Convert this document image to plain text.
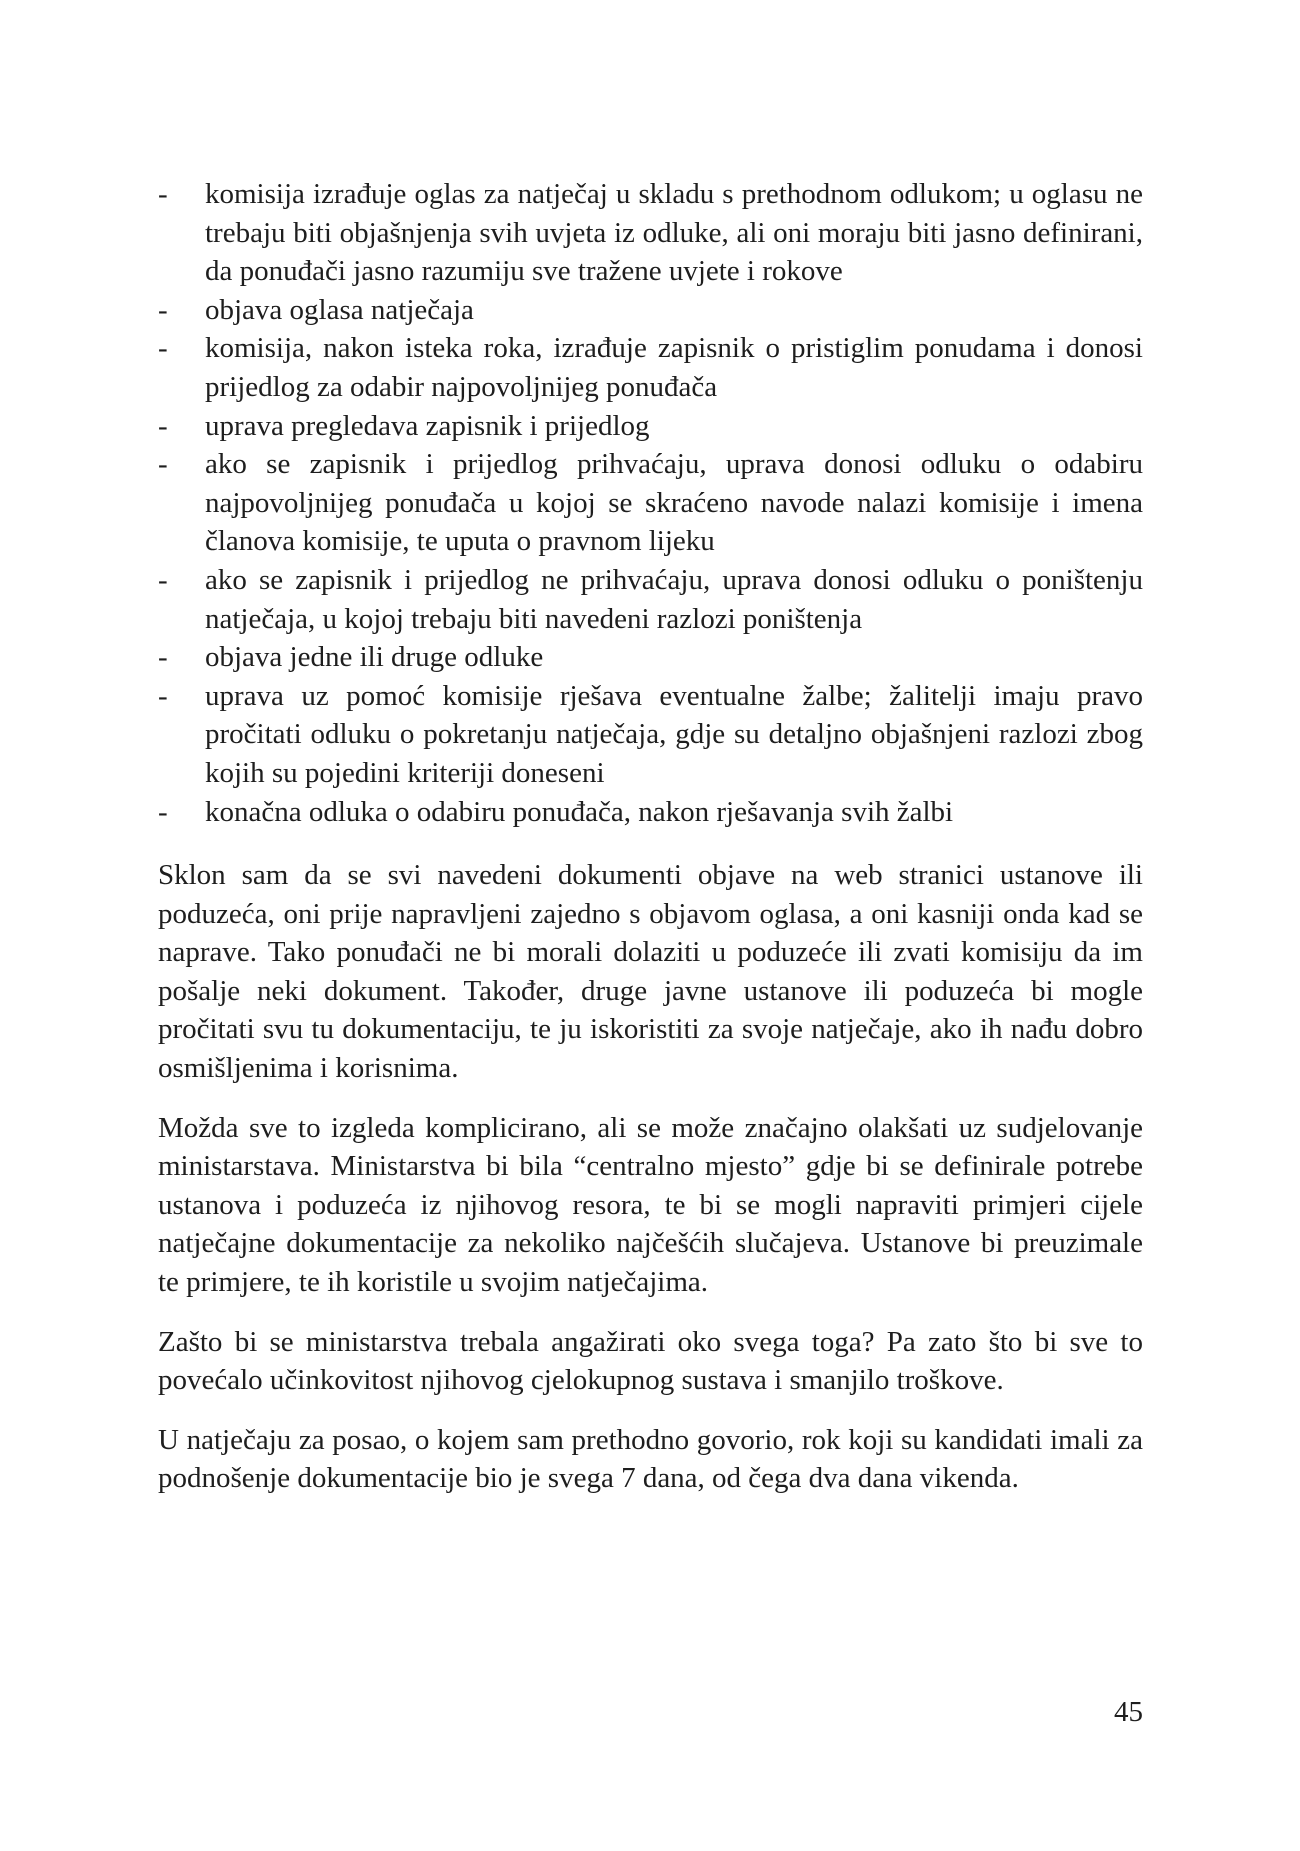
- komisija izrađuje oglas za natječaj u skladu s prethodnom odlukom; u oglasu ne trebaju biti objašnjenja svih uvjeta iz odluke, ali oni moraju biti jasno definirani, da ponuđači jasno razumiju sve tražene uvjete i rokove
- objava oglasa natječaja
- komisija, nakon isteka roka, izrađuje zapisnik o pristiglim ponudama i donosi prijedlog za odabir najpovoljnijeg ponuđača
- uprava pregledava zapisnik i prijedlog
- ako se zapisnik i prijedlog prihvaćaju, uprava donosi odluku o odabiru najpovoljnijeg ponuđača u kojoj se skraćeno navode nalazi komisije i imena članova komisije, te uputa o pravnom lijeku
- ako se zapisnik i prijedlog ne prihvaćaju, uprava donosi odluku o poništenju natječaja, u kojoj trebaju biti navedeni razlozi poništenja
- objava jedne ili druge odluke
- uprava uz pomoć komisije rješava eventualne žalbe; žalitelji imaju pravo pročitati odluku o pokretanju natječaja, gdje su detaljno objašnjeni razlozi zbog kojih su pojedini kriteriji doneseni
- konačna odluka o odabiru ponuđača, nakon rješavanja svih žalbi

Sklon sam da se svi navedeni dokumenti objave na web stranici ustanove ili poduzeća, oni prije napravljeni zajedno s objavom oglasa, a oni kasniji onda kad se naprave. Tako ponuđači ne bi morali dolaziti u poduzeće ili zvati komisiju da im pošalje neki dokument. Također, druge javne ustanove ili poduzeća bi mogle pročitati svu tu dokumentaciju, te ju iskoristiti za svoje natječaje, ako ih nađu dobro osmišljenima i korisnima.

Možda sve to izgleda komplicirano, ali se može značajno olakšati uz sudjelovanje ministarstava. Ministarstva bi bila “centralno mjesto” gdje bi se definirale potrebe ustanova i poduzeća iz njihovog resora, te bi se mogli napraviti primjeri cijele natječajne dokumentacije za nekoliko najčešćih slučajeva. Ustanove bi preuzimale te primjere, te ih koristile u svojim natječajima.

Zašto bi se ministarstva trebala angažirati oko svega toga? Pa zato što bi sve to povećalo učinkovitost njihovog cjelokupnog sustava i smanjilo troškove.

U natječaju za posao, o kojem sam prethodno govorio, rok koji su kandidati imali za podnošenje dokumentacije bio je svega 7 dana, od čega dva dana vikenda.

45
